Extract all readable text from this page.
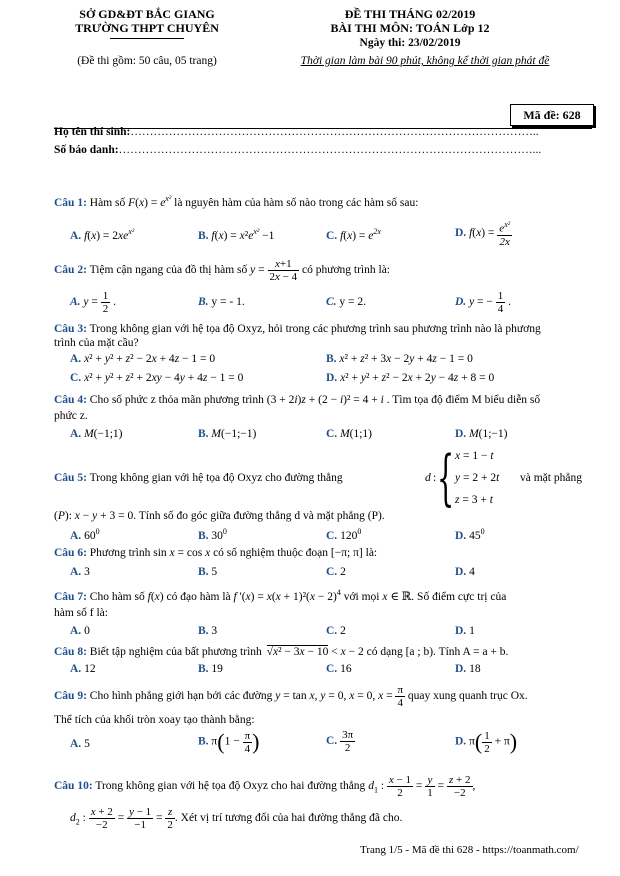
SỞ GD&ĐT BẮC GIANG
TRƯỜNG THPT CHUYÊN
(Đề thi gồm: 50 câu, 05 trang)
ĐỀ THI THÁNG 02/2019
BÀI THI MÔN: TOÁN Lớp 12
Ngày thi: 23/02/2019
Thời gian làm bài 90 phút, không kể thời gian phát đề
Mã đề: 628
Họ tên thí sinh:……………………………………………………………………………………………..
Số báo danh:………………………………………………………………………………………………...
Câu 1: Hàm số $F(x) = e^{x^2}$ là nguyên hàm của hàm số nào trong các hàm số sau:
A. $f(x) = 2xe^{x^2}$	B. $f(x) = x^2e^{x^2} -1$	C. $f(x) = e^{2x}$	D. $f(x) = \frac{e^{x^2}}{2x}$
Câu 2: Tiệm cận ngang của đồ thị hàm số $y = \frac{x+1}{2x - 4}$ có phương trình là:
A. $y = \frac{1}{2}$ .	B. y = - 1.	C. y = 2.	D. y = − $\frac{1}{4}$ .
Câu 3: Trong không gian với hệ tọa độ Oxyz, hỏi trong các phương trình sau phương trình nào là phương
trình của mặt cầu?
A. x² + y² + z² − 2x + 4z − 1 = 0	B. x² + z² + 3x − 2y + 4z − 1 = 0
C. x² + y² + z² + 2xy − 4y + 4z − 1 = 0	D. x² + y² + z² − 2x + 2y − 4z + 8 = 0
Câu 4: Cho số phức z thỏa mãn phương trình (3 + 2i)z + (2 − i)² = 4 + i . Tìm tọa độ điểm M biểu diễn số
phức z.
A. M(−1;1)	B. M(−1;−1)	C. M(1;1)	D. M(1;−1)
Câu 5: Trong không gian với hệ tọa độ Oxyz cho đường thẳng	d : { x = 1 − t
y = 2 + 2t
z = 3 + t
và mặt phẳng
(P): x − y + 3 = 0. Tính số đo góc giữa đường thẳng d và mặt phẳng (P).
A. $60^0$	B. $30^0$	C. $120^0$	D. $45^0$
Câu 6: Phương trình sin x = cos x có số nghiệm thuộc đoạn [−π; π] là:
A. 3	B. 5	C. 2	D. 4
Câu 7: Cho hàm số f(x) có đạo hàm là f '$(x) = x(x + 1)^2(x - 2)^4$ với mọi x ∈ ℝ. Số điểm cực trị của
hàm số f là:
A. 0	B. 3	C. 2	D. 1
Câu 8: Biết tập nghiệm của bất phương trình √x² − 3x − 10 < x − 2 có dạng [a ; b). Tính A = a + b.
A. 12	B. 19	C. 16	D. 18
Câu 9: Cho hình phẳng giới hạn bởi các đường y = tan x, y = 0, x = 0, $x = \frac{\pi}{4}$ quay xung quanh trục Ox.
Thể tích của khối tròn xoay tạo thành bằng:
A. 5	B. $\pi(1 - \frac{\pi}{4}$ )	C. $\frac{3\pi}{2}$	D. $\pi( \frac{1}{2} + \pi)$
Câu 10: Trong không gian với hệ tọa độ Oxyz cho hai đường thẳng $d_1$ : $\frac{x - 1}{2} = \frac{y}{1} = \frac{z + 2}{-2}$ ,
$d_2$ : $\frac{x + 2}{-2} = \frac{y - 1}{-1} = \frac{z}{2}$ . Xét vị trí tương đối của hai đường thẳng đã cho.
Trang 1/5 - Mã đề thi 628 - https://toanmath.com/
